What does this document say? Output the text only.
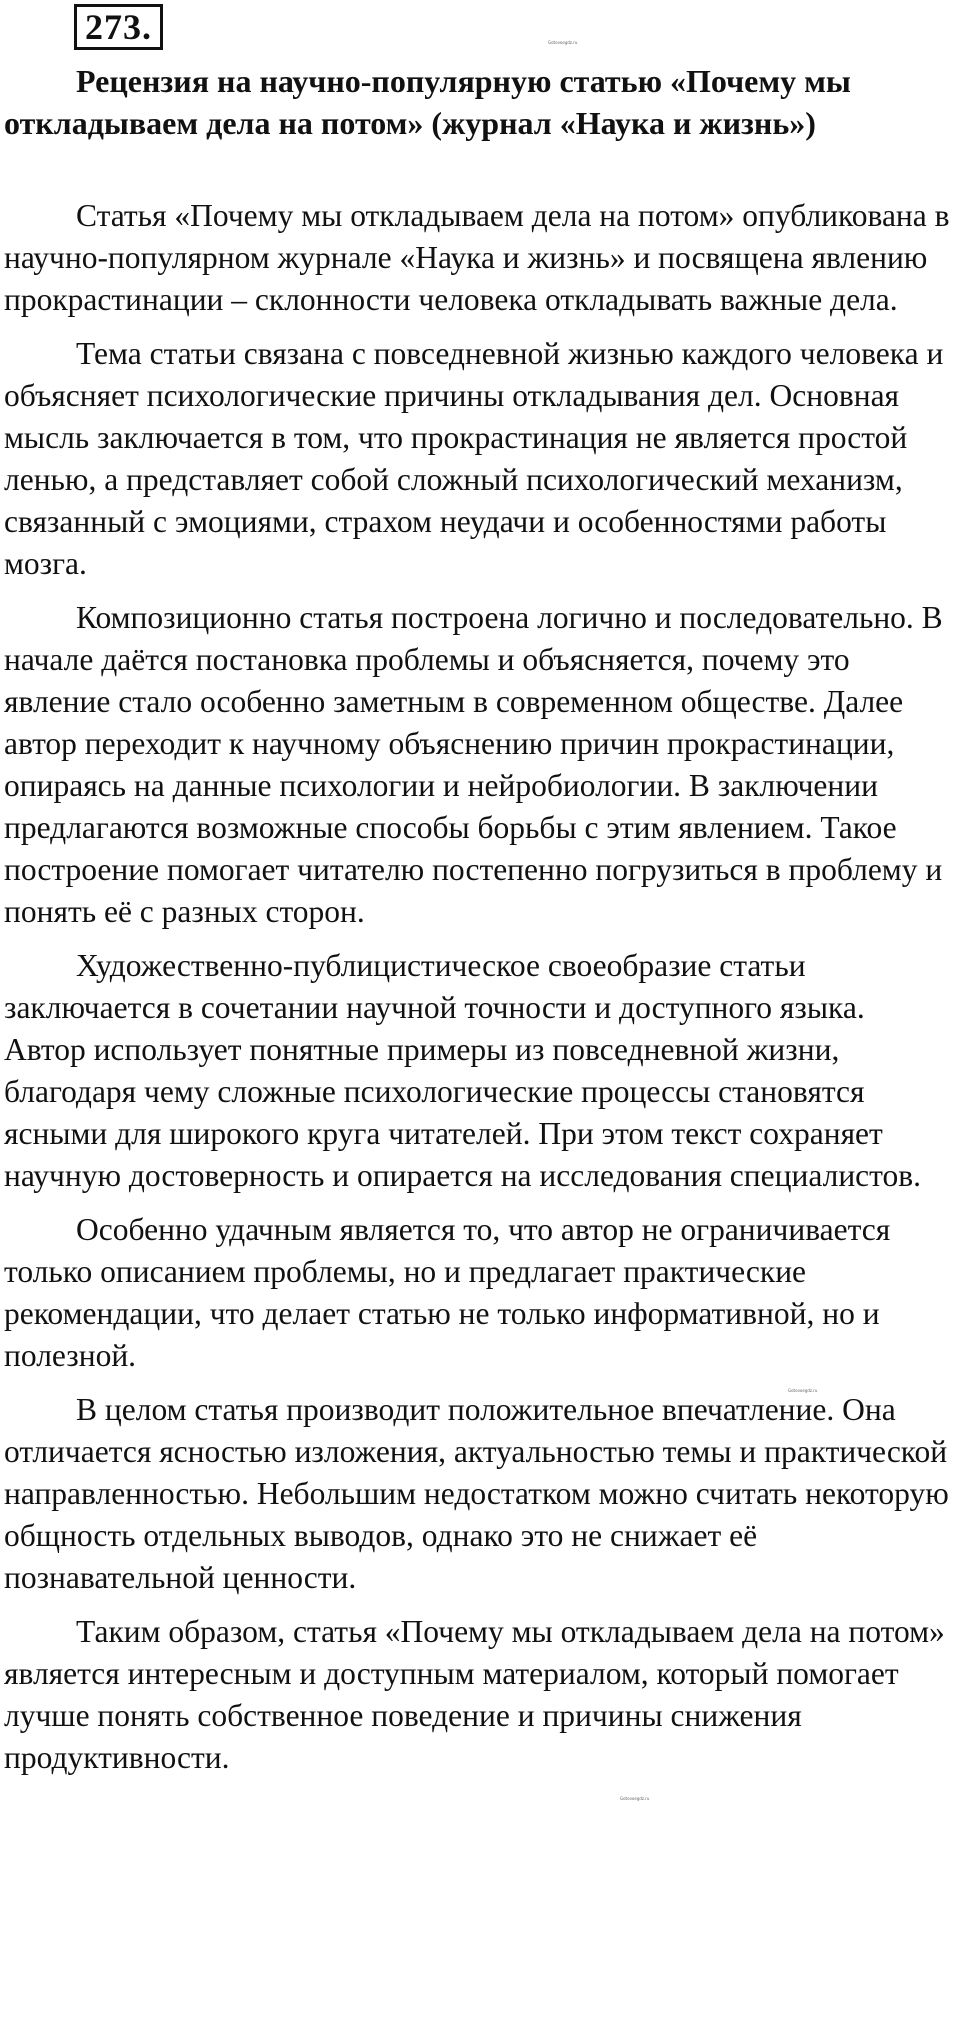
273.	Gotovoegdz.ru
Gotovoegdz.ru
Gotovoegdz.ru
Рецензия на научно-популярную статью «Почему мы откладываем дела на потом» (журнал «Наука и жизнь»)

Статья «Почему мы откладываем дела на потом» опубликована в научно-популярном журнале «Наука и жизнь» и посвящена явлению прокрастинации – склонности человека откладывать важные дела.

Тема статьи связана с повседневной жизнью каждого человека и объясняет психологические причины откладывания дел. Основная мысль заключается в том, что прокрастинация не является простой ленью, а представляет собой сложный психологический механизм, связанный с эмоциями, страхом неудачи и особенностями работы мозга.

Композиционно статья построена логично и последовательно. В начале даётся постановка проблемы и объясняется, почему это явление стало особенно заметным в современном обществе. Далее автор переходит к научному объяснению причин прокрастинации, опираясь на данные психологии и нейробиологии. В заключении предлагаются возможные способы борьбы с этим явлением. Такое построение помогает читателю постепенно погрузиться в проблему и понять её с разных сторон.

Художественно-публицистическое своеобразие статьи заключается в сочетании научной точности и доступного языка. Автор использует понятные примеры из повседневной жизни, благодаря чему сложные психологические процессы становятся ясными для широкого круга читателей. При этом текст сохраняет научную достоверность и опирается на исследования специалистов.

Особенно удачным является то, что автор не ограничивается только описанием проблемы, но и предлагает практические рекомендации, что делает статью не только информативной, но и полезной.

В целом статья производит положительное впечатление. Она отличается ясностью изложения, актуальностью темы и практической направленностью. Небольшим недостатком можно считать некоторую общность отдельных выводов, однако это не снижает её познавательной ценности.

Таким образом, статья «Почему мы откладываем дела на потом» является интересным и доступным материалом, который помогает лучше понять собственное поведение и причины снижения продуктивности.
